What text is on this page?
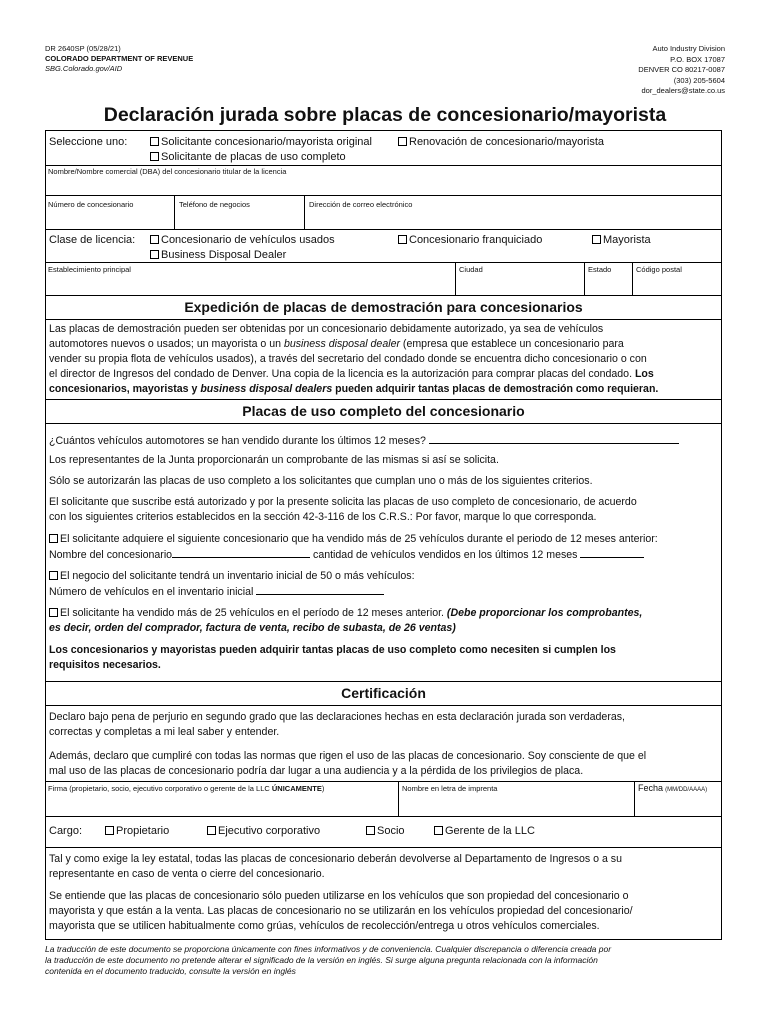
DR 2640SP (05/28/21)
COLORADO DEPARTMENT OF REVENUE
SBG.Colorado.gov/AID
Auto Industry Division
P.O. BOX 17087
DENVER CO 80217-0087
(303) 205-5604
dor_dealers@state.co.us
Declaración jurada sobre placas de concesionario/mayorista
Seleccione uno:	Solicitante concesionario/mayorista original	Renovación de concesionario/mayorista
Solicitante de placas de uso completo
Nombre/Nombre comercial (DBA) del concesionario titular de la licencia
Número de concesionario	Teléfono de negocios	Dirección de correo electrónico
Clase de licencia:	Concesionario de vehículos usados	Concesionario franquiciado	Mayorista
Business Disposal Dealer
Establecimiento principal	Ciudad	Estado	Código postal
Expedición de placas de demostración para concesionarios
Las placas de demostración pueden ser obtenidas por un concesionario debidamente autorizado, ya sea de vehículos
automotores nuevos o usados; un mayorista o un business disposal dealer (empresa que establece un concesionario para
vender su propia flota de vehículos usados), a través del secretario del condado donde se encuentra dicho concesionario o con
el director de Ingresos del condado de Denver. Una copia de la licencia es la autorización para comprar placas del condado. Los
concesionarios, mayoristas y business disposal dealers pueden adquirir tantas placas de demostración como requieran.
Placas de uso completo del concesionario
¿Cuántos vehículos automotores se han vendido durante los últimos 12 meses?
Los representantes de la Junta proporcionarán un comprobante de las mismas si así se solicita.
Sólo se autorizarán las placas de uso completo a los solicitantes que cumplan uno o más de los siguientes criterios.
El solicitante que suscribe está autorizado y por la presente solicita las placas de uso completo de concesionario, de acuerdo
con los siguientes criterios establecidos en la sección 42-3-116 de los C.R.S.: Por favor, marque lo que corresponda.
El solicitante adquiere el siguiente concesionario que ha vendido más de 25 vehículos durante el periodo de 12 meses anterior:
Nombre del concesionario	cantidad de vehículos vendidos en los últimos 12 meses
El negocio del solicitante tendrá un inventario inicial de 50 o más vehículos:
Número de vehículos en el inventario inicial
El solicitante ha vendido más de 25 vehículos en el período de 12 meses anterior. (Debe proporcionar los comprobantes,
es decir, orden del comprador, factura de venta, recibo de subasta, de 26 ventas)
Los concesionarios y mayoristas pueden adquirir tantas placas de uso completo como necesiten si cumplen los
requisitos necesarios.
Certificación
Declaro bajo pena de perjurio en segundo grado que las declaraciones hechas en esta declaración jurada son verdaderas,
correctas y completas a mi leal saber y entender.
Además, declaro que cumpliré con todas las normas que rigen el uso de las placas de concesionario. Soy consciente de que el
mal uso de las placas de concesionario podría dar lugar a una audiencia y a la pérdida de los privilegios de placa.
Firma (propietario, socio, ejecutivo corporativo o gerente de la LLC ÚNICAMENTE)	Nombre en letra de imprenta	Fecha (MM/DD/AAAA)
Cargo:	Propietario	Ejecutivo corporativo	Socio	Gerente de la LLC
Tal y como exige la ley estatal, todas las placas de concesionario deberán devolverse al Departamento de Ingresos o a su
representante en caso de venta o cierre del concesionario.
Se entiende que las placas de concesionario sólo pueden utilizarse en los vehículos que son propiedad del concesionario o
mayorista y que están a la venta. Las placas de concesionario no se utilizarán en los vehículos propiedad del concesionario/
mayorista que se utilicen habitualmente como grúas, vehículos de recolección/entrega u otros vehículos comerciales.
La traducción de este documento se proporciona únicamente con fines informativos y de conveniencia. Cualquier discrepancia o diferencia creada por
la traducción de este documento no pretende alterar el significado de la versión en inglés. Si surge alguna pregunta relacionada con la información
contenida en el documento traducido, consulte la versión en inglés
